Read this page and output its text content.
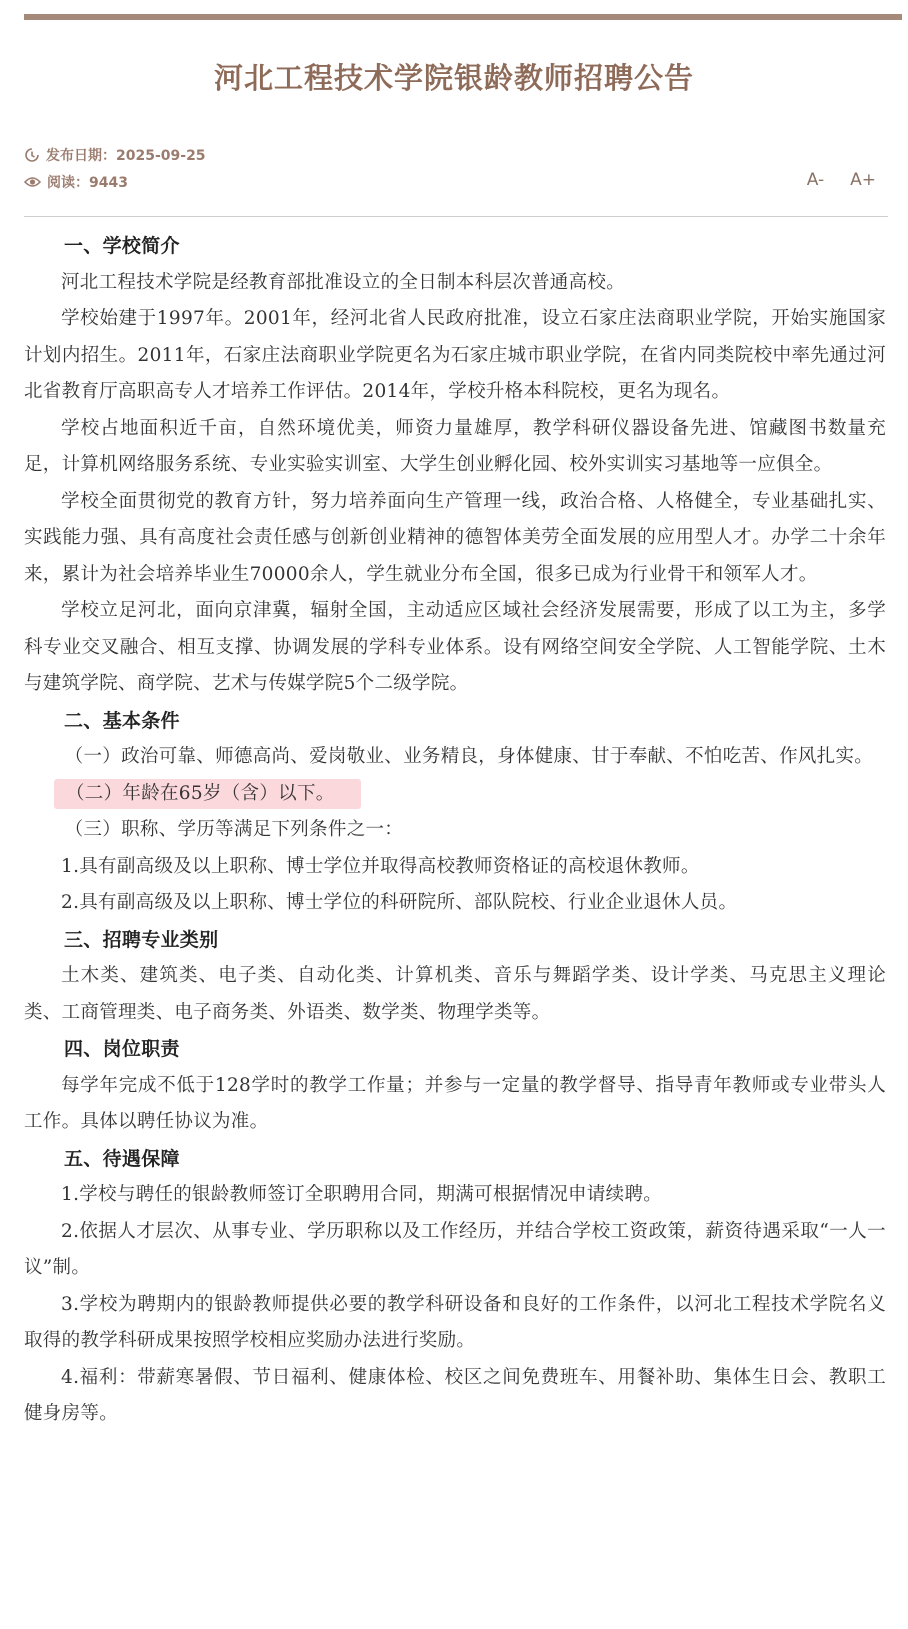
河北工程技术学院银龄教师招聘公告
发布日期：2025-09-25
阅读：9443	A- A+
一、学校简介

河北工程技术学院是经教育部批准设立的全日制本科层次普通高校。

学校始建于1997年。2001年，经河北省人民政府批准，设立石家庄法商职业学院，开始实施国家计划内招生。2011年，石家庄法商职业学院更名为石家庄城市职业学院，在省内同类院校中率先通过河北省教育厅高职高专人才培养工作评估。2014年，学校升格本科院校，更名为现名。

学校占地面积近千亩，自然环境优美，师资力量雄厚，教学科研仪器设备先进、馆藏图书数量充足，计算机网络服务系统、专业实验实训室、大学生创业孵化园、校外实训实习基地等一应俱全。

学校全面贯彻党的教育方针，努力培养面向生产管理一线，政治合格、人格健全，专业基础扎实、实践能力强、具有高度社会责任感与创新创业精神的德智体美劳全面发展的应用型人才。办学二十余年来，累计为社会培养毕业生70000余人，学生就业分布全国，很多已成为行业骨干和领军人才。

学校立足河北，面向京津冀，辐射全国，主动适应区域社会经济发展需要，形成了以工为主，多学科专业交叉融合、相互支撑、协调发展的学科专业体系。设有网络空间安全学院、人工智能学院、土木与建筑学院、商学院、艺术与传媒学院5个二级学院。

二、基本条件

（一）政治可靠、师德高尚、爱岗敬业、业务精良，身体健康、甘于奉献、不怕吃苦、作风扎实。

（二）年龄在65岁（含）以下。

（三）职称、学历等满足下列条件之一：

1.具有副高级及以上职称、博士学位并取得高校教师资格证的高校退休教师。

2.具有副高级及以上职称、博士学位的科研院所、部队院校、行业企业退休人员。

三、招聘专业类别

土木类、建筑类、电子类、自动化类、计算机类、音乐与舞蹈学类、设计学类、马克思主义理论类、工商管理类、电子商务类、外语类、数学类、物理学类等。

四、岗位职责

每学年完成不低于128学时的教学工作量；并参与一定量的教学督导、指导青年教师或专业带头人工作。具体以聘任协议为准。

五、待遇保障

1.学校与聘任的银龄教师签订全职聘用合同，期满可根据情况申请续聘。

2.依据人才层次、从事专业、学历职称以及工作经历，并结合学校工资政策，薪资待遇采取“一人一议”制。

3.学校为聘期内的银龄教师提供必要的教学科研设备和良好的工作条件，以河北工程技术学院名义取得的教学科研成果按照学校相应奖励办法进行奖励。

4.福利：带薪寒暑假、节日福利、健康体检、校区之间免费班车、用餐补助、集体生日会、教职工健身房等。
